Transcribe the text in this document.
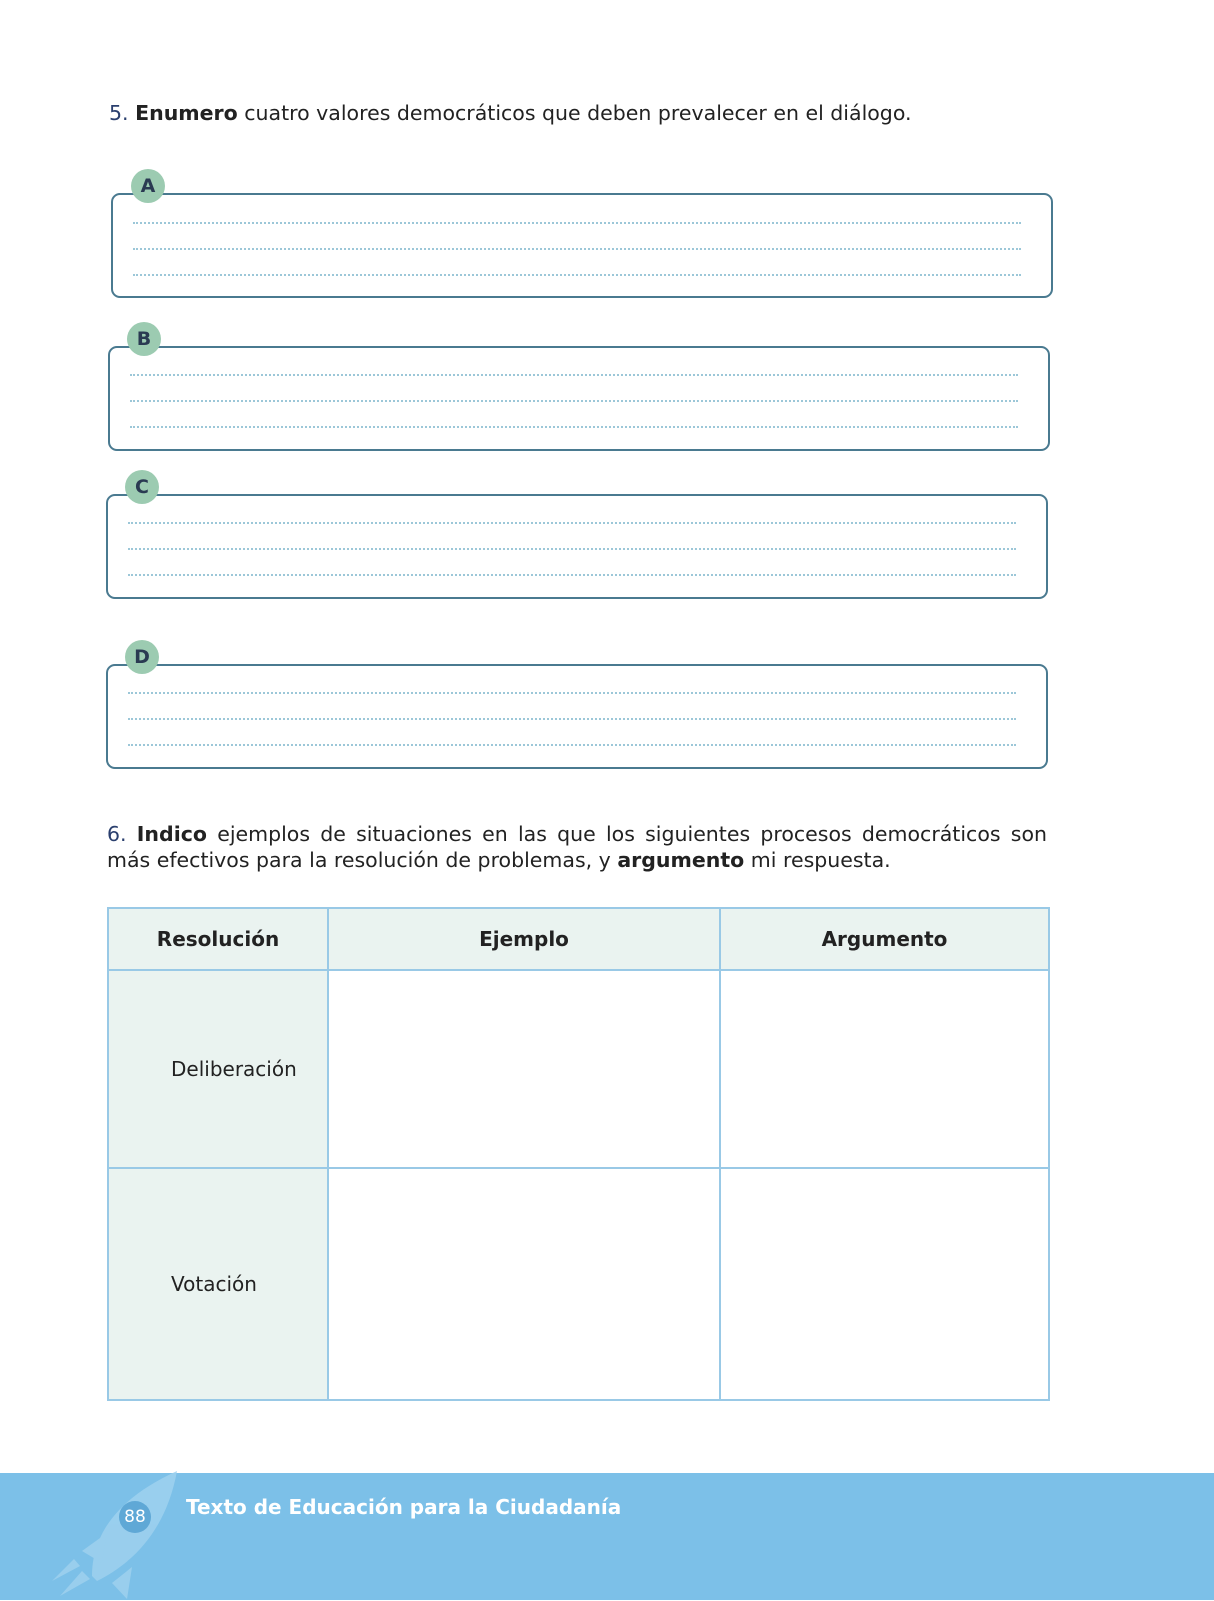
5. Enumero cuatro valores democráticos que deben prevalecer en el diálogo.
A
B
C
D
6. Indico ejemplos de situaciones en las que los siguientes procesos democráticos son más efectivos para la resolución de problemas, y argumento mi respuesta.
Resolución	Ejemplo	Argumento
Deliberación		
Votación		
88 Texto de Educación para la Ciudadanía
